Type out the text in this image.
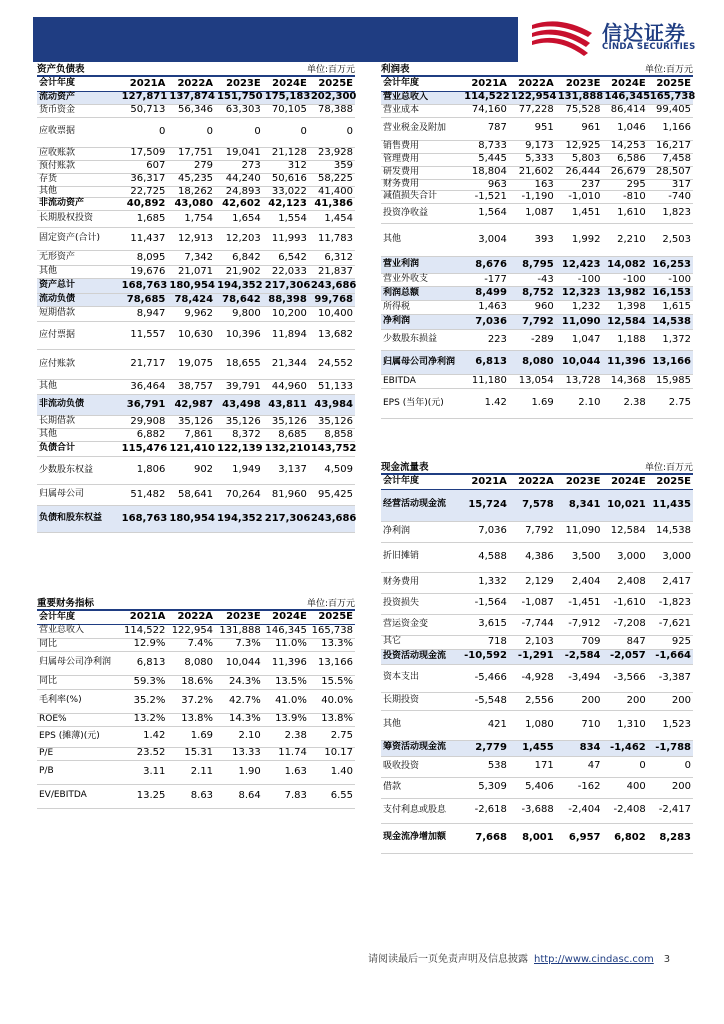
信达证券
CINDA SECURITIES
资产负债表	单位:百万元
会计年度	2021A	2022A	2023E	2024E	2025E
流动资产	127,871	137,874	151,750	175,183	202,300
货币资金	50,713	56,346	63,303	70,105	78,388
应收票据	0	0	0	0	0
应收账款	17,509	17,751	19,041	21,128	23,928
预付账款	607	279	273	312	359
存货	36,317	45,235	44,240	50,616	58,225
其他	22,725	18,262	24,893	33,022	41,400
非流动资产	40,892	43,080	42,602	42,123	41,386
长期股权投资	1,685	1,754	1,654	1,554	1,454
固定资产(合计)	11,437	12,913	12,203	11,993	11,783
无形资产	8,095	7,342	6,842	6,542	6,312
其他	19,676	21,071	21,902	22,033	21,837
资产总计	168,763	180,954	194,352	217,306	243,686
流动负债	78,685	78,424	78,642	88,398	99,768
短期借款	8,947	9,962	9,800	10,200	10,400
应付票据	11,557	10,630	10,396	11,894	13,682
应付账款	21,717	19,075	18,655	21,344	24,552
其他	36,464	38,757	39,791	44,960	51,133
非流动负债	36,791	42,987	43,498	43,811	43,984
长期借款	29,908	35,126	35,126	35,126	35,126
其他	6,882	7,861	8,372	8,685	8,858
负债合计	115,476	121,410	122,139	132,210	143,752
少数股东权益	1,806	902	1,949	3,137	4,509
归属母公司	51,482	58,641	70,264	81,960	95,425
负债和股东权益	168,763	180,954	194,352	217,306	243,686
重要财务指标	单位:百万元
会计年度	2021A	2022A	2023E	2024E	2025E
营业总收入	114,522	122,954	131,888	146,345	165,738
同比	12.9%	7.4%	7.3%	11.0%	13.3%
归属母公司净利润	6,813	8,080	10,044	11,396	13,166
同比	59.3%	18.6%	24.3%	13.5%	15.5%
毛利率(%)	35.2%	37.2%	42.7%	41.0%	40.0%
ROE%	13.2%	13.8%	14.3%	13.9%	13.8%
EPS (摊薄)(元)	1.42	1.69	2.10	2.38	2.75
P/E	23.52	15.31	13.33	11.74	10.17
P/B	3.11	2.11	1.90	1.63	1.40
EV/EBITDA	13.25	8.63	8.64	7.83	6.55
利润表	单位:百万元
会计年度	2021A	2022A	2023E	2024E	2025E
营业总收入	114,522	122,954	131,888	146,345	165,738
营业成本	74,160	77,228	75,528	86,414	99,405
营业税金及附加	787	951	961	1,046	1,166
销售费用	8,733	9,173	12,925	14,253	16,217
管理费用	5,445	5,333	5,803	6,586	7,458
研发费用	18,804	21,602	26,444	26,679	28,507
财务费用	963	163	237	295	317
减值损失合计	-1,521	-1,190	-1,010	-810	-740
投资净收益	1,564	1,087	1,451	1,610	1,823
其他	3,004	393	1,992	2,210	2,503
营业利润	8,676	8,795	12,423	14,082	16,253
营业外收支	-177	-43	-100	-100	-100
利润总额	8,499	8,752	12,323	13,982	16,153
所得税	1,463	960	1,232	1,398	1,615
净利润	7,036	7,792	11,090	12,584	14,538
少数股东损益	223	-289	1,047	1,188	1,372
归属母公司净利润	6,813	8,080	10,044	11,396	13,166
EBITDA	11,180	13,054	13,728	14,368	15,985
EPS (当年)(元)	1.42	1.69	2.10	2.38	2.75
现金流量表	单位:百万元
会计年度	2021A	2022A	2023E	2024E	2025E
经营活动现金流	15,724	7,578	8,341	10,021	11,435
净利润	7,036	7,792	11,090	12,584	14,538
折旧摊销	4,588	4,386	3,500	3,000	3,000
财务费用	1,332	2,129	2,404	2,408	2,417
投资损失	-1,564	-1,087	-1,451	-1,610	-1,823
营运资金变	3,615	-7,744	-7,912	-7,208	-7,621
其它	718	2,103	709	847	925
投资活动现金流	-10,592	-1,291	-2,584	-2,057	-1,664
资本支出	-5,466	-4,928	-3,494	-3,566	-3,387
长期投资	-5,548	2,556	200	200	200
其他	421	1,080	710	1,310	1,523
筹资活动现金流	2,779	1,455	834	-1,462	-1,788
吸收投资	538	171	47	0	0
借款	5,309	5,406	-162	400	200
支付利息或股息	-2,618	-3,688	-2,404	-2,408	-2,417
现金流净增加额	7,668	8,001	6,957	6,802	8,283
请阅读最后一页免责声明及信息披露 http://www.cindasc.com 3
